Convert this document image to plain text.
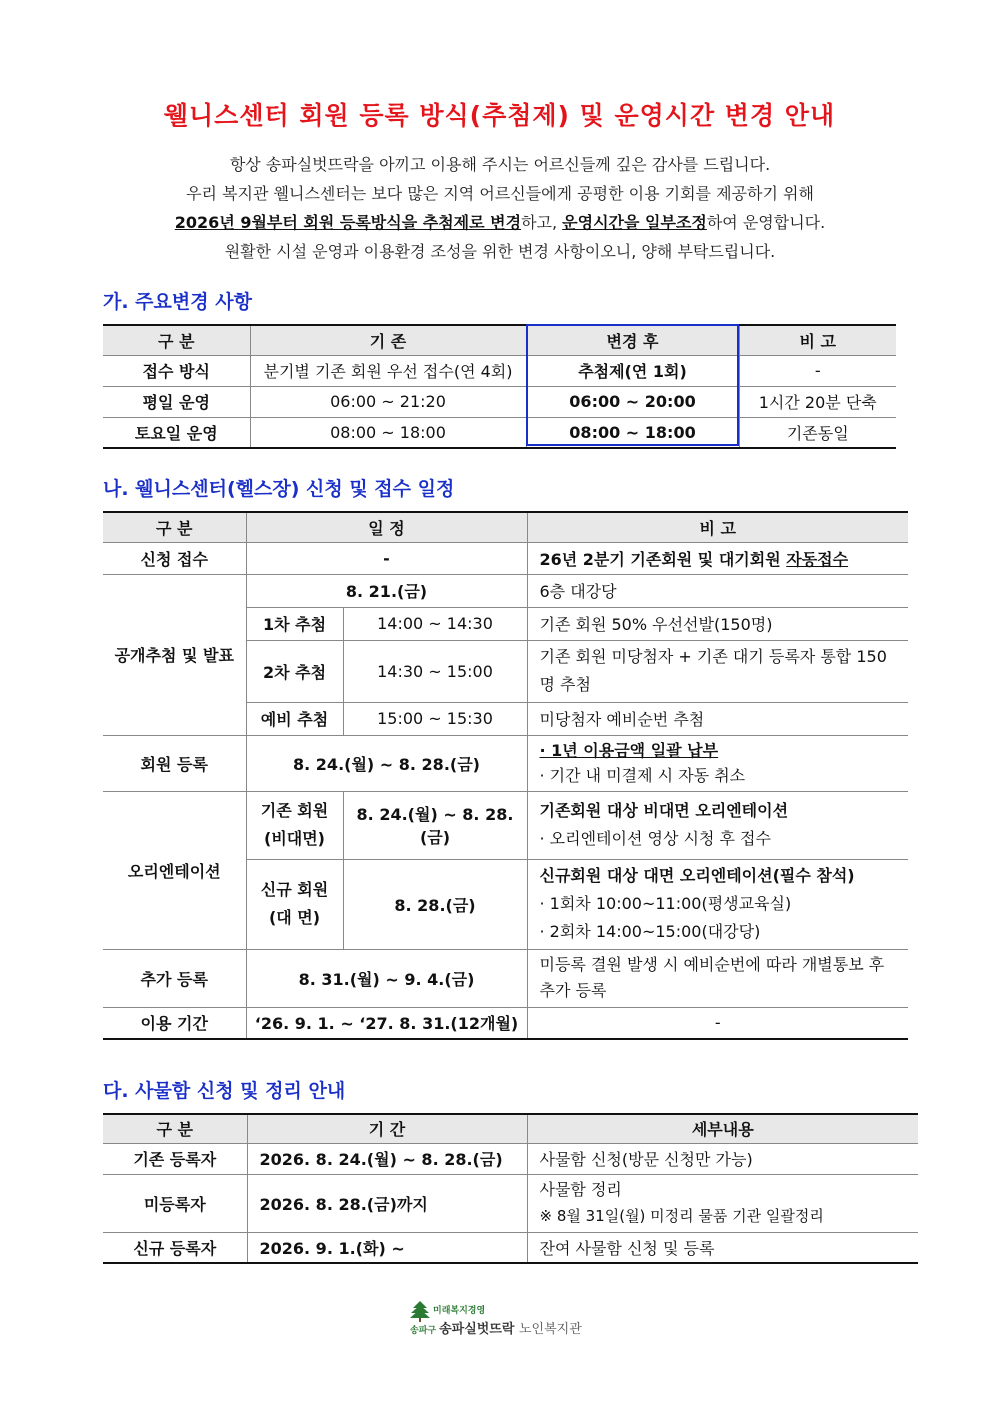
웰니스센터 회원 등록 방식(추첨제) 및 운영시간 변경 안내
항상 송파실벗뜨락을 아끼고 이용해 주시는 어르신들께 깊은 감사를 드립니다.
우리 복지관 웰니스센터는 보다 많은 지역 어르신들에게 공평한 이용 기회를 제공하기 위해
2026년 9월부터 회원 등록방식을 추첨제로 변경하고, 운영시간을 일부조정하여 운영합니다.
원활한 시설 운영과 이용환경 조성을 위한 변경 사항이오니, 양해 부탁드립니다.
가. 주요변경 사항
구 분	기 존	변경 후	비 고
접수 방식	분기별 기존 회원 우선 접수(연 4회)	추첨제(연 1회)	-
평일 운영	06:00 ~ 21:20	06:00 ~ 20:00	1시간 20분 단축
토요일 운영	08:00 ~ 18:00	08:00 ~ 18:00	기존동일
나. 웰니스센터(헬스장) 신청 및 접수 일정
구 분	일 정		비 고
신청 접수	-		26년 2분기 기존회원 및 대기회원 자동접수
공개추첨 및 발표	8. 21.(금)		6층 대강당
	1차 추첨	14:00 ~ 14:30	기존 회원 50% 우선선발(150명)
	2차 추첨	14:30 ~ 15:00	기존 회원 미당첨자 + 기존 대기 등록자 통합 150명 추첨
	예비 추첨	15:00 ~ 15:30	미당첨자 예비순번 추첨
회원 등록	8. 24.(월) ~ 8. 28.(금)		· 1년 이용금액 일괄 납부
· 기간 내 미결제 시 자동 취소

오리엔테이션	기존 회원 (비대면)	8. 24.(월) ~ 8. 28.(금)	기존회원 대상 비대면 오리엔테이션
· 오리엔테이션 영상 시청 후 접수

	신규 회원 (대 면)	8. 28.(금)	신규회원 대상 대면 오리엔테이션(필수 참석)
· 1회차 10:00~11:00(평생교육실)
· 2회차 14:00~15:00(대강당)

추가 등록	8. 31.(월) ~ 9. 4.(금)		미등록 결원 발생 시 예비순번에 따라 개별통보 후 추가 등록
이용 기간	‘26. 9. 1. ~ ‘27. 8. 31.(12개월)		-
다. 사물함 신청 및 정리 안내
구 분	기 간	세부내용
기존 등록자	2026. 8. 24.(월) ~ 8. 28.(금)	사물함 신청(방문 신청만 가능)
미등록자	2026. 8. 28.(금)까지	사물함 정리
※ 8월 31일(월) 미정리 물품 기관 일괄정리

신규 등록자	2026. 9. 1.(화) ~	잔여 사물함 신청 및 등록
미래복지경영
송파구 송파실벗뜨락 노인복지관
